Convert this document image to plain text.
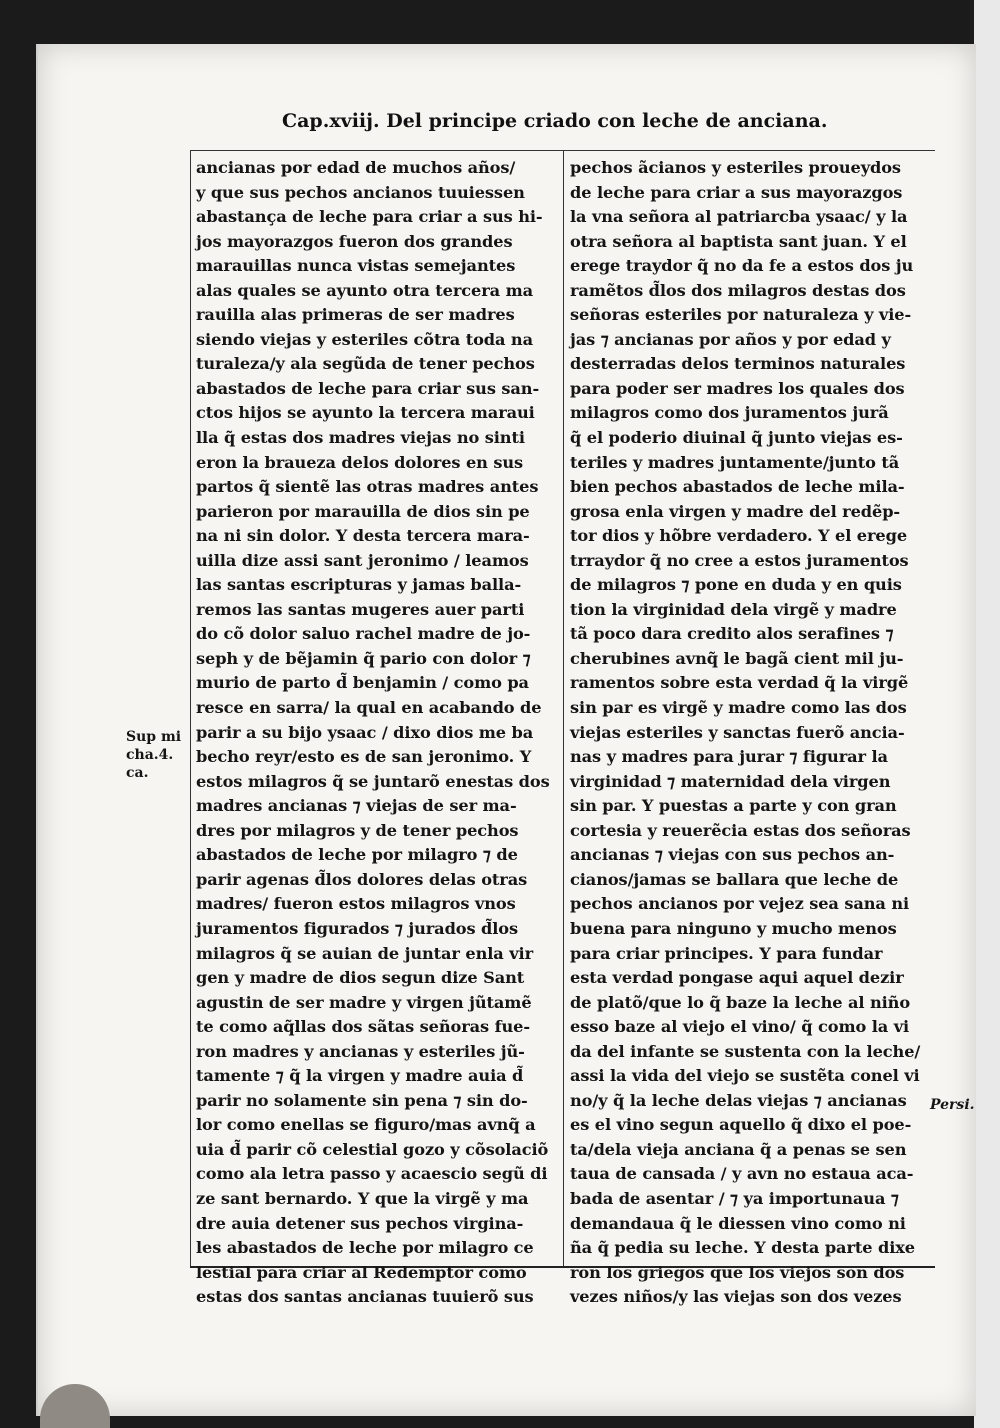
Cap.xviij. Del principe criado con leche de anciana.
ancianas por edad de muchos años/
y que sus pechos ancianos tuuiessen
abastança de leche para criar a sus hi-
jos mayorazgos fueron dos grandes
marauillas nunca vistas semejantes
alas quales se ayunto otra tercera ma
rauilla alas primeras de ser madres
siendo viejas y esteriles cõtra toda na
turaleza/y ala segũda de tener pechos
abastados de leche para criar sus san-
ctos hijos se ayunto la tercera maraui
lla q̃ estas dos madres viejas no sinti
eron la braueza delos dolores en sus
partos q̃ sientẽ las otras madres antes
parieron por marauilla de dios sin pe
na ni sin dolor. Y desta tercera mara-
uilla dize assi sant jeronimo / leamos
las santas escripturas y jamas balla-
remos las santas mugeres auer parti
do cõ dolor saluo rachel madre de jo-
seph y de bẽjamin q̃ pario con dolor ⁊
murio de parto d̃ benjamin / como pa
resce en sarra/ la qual en acabando de
parir a su bijo ysaac / dixo dios me ba
becho reyr/esto es de san jeronimo. Y
estos milagros q̃ se juntarõ enestas dos
madres ancianas ⁊ viejas de ser ma-
dres por milagros y de tener pechos
abastados de leche por milagro ⁊ de
parir agenas d̃los dolores delas otras
madres/ fueron estos milagros vnos
juramentos figurados ⁊ jurados d̃los
milagros q̃ se auian de juntar enla vir
gen y madre de dios segun dize Sant
agustin de ser madre y virgen jũtamẽ
te como aq̃llas dos sãtas señoras fue-
ron madres y ancianas y esteriles jũ-
tamente ⁊ q̃ la virgen y madre auia d̃
parir no solamente sin pena ⁊ sin do-
lor como enellas se figuro/mas avnq̃ a
uia d̃ parir cõ celestial gozo y cõsolaciõ
como ala letra passo y acaescio segũ di
ze sant bernardo. Y que la virgẽ y ma
dre auia detener sus pechos virgina-
les abastados de leche por milagro ce
lestial para criar al Redemptor como
estas dos santas ancianas tuuierõ sus
pechos ãcianos y esteriles proueydos
de leche para criar a sus mayorazgos
la vna señora al patriarcba ysaac/ y la
otra señora al baptista sant juan. Y el
erege traydor q̃ no da fe a estos dos ju
ramẽtos d̃los dos milagros destas dos
señoras esteriles por naturaleza y vie-
jas ⁊ ancianas por años y por edad y
desterradas delos terminos naturales
para poder ser madres los quales dos
milagros como dos juramentos jurã
q̃ el poderio diuinal q̃ junto viejas es-
teriles y madres juntamente/junto tã
bien pechos abastados de leche mila-
grosa enla virgen y madre del redẽp-
tor dios y hõbre verdadero. Y el erege
trraydor q̃ no cree a estos juramentos
de milagros ⁊ pone en duda y en quis
tion la virginidad dela virgẽ y madre
tã poco dara credito alos serafines ⁊
cherubines avnq̃ le bagã cient mil ju-
ramentos sobre esta verdad q̃ la virgẽ
sin par es virgẽ y madre como las dos
viejas esteriles y sanctas fuerõ ancia-
nas y madres para jurar ⁊ figurar la
virginidad ⁊ maternidad dela virgen
sin par. Y puestas a parte y con gran
cortesia y reuerẽcia estas dos señoras
ancianas ⁊ viejas con sus pechos an-
cianos/jamas se ballara que leche de
pechos ancianos por vejez sea sana ni
buena para ninguno y mucho menos
para criar principes. Y para fundar
esta verdad pongase aqui aquel dezir
de platõ/que lo q̃ baze la leche al niño
esso baze al viejo el vino/ q̃ como la vi
da del infante se sustenta con la leche/
assi la vida del viejo se sustẽta conel vi
no/y q̃ la leche delas viejas ⁊ ancianas
es el vino segun aquello q̃ dixo el poe-
ta/dela vieja anciana q̃ a penas se sen
taua de cansada / y avn no estaua aca-
bada de asentar / ⁊ ya importunaua ⁊
demandaua q̃ le diessen vino como ni
ña q̃ pedia su leche. Y desta parte dixe
ron los griegos que los viejos son dos
vezes niños/y las viejas son dos vezes
Sup mi
cha.4.
ca.
Persi.
